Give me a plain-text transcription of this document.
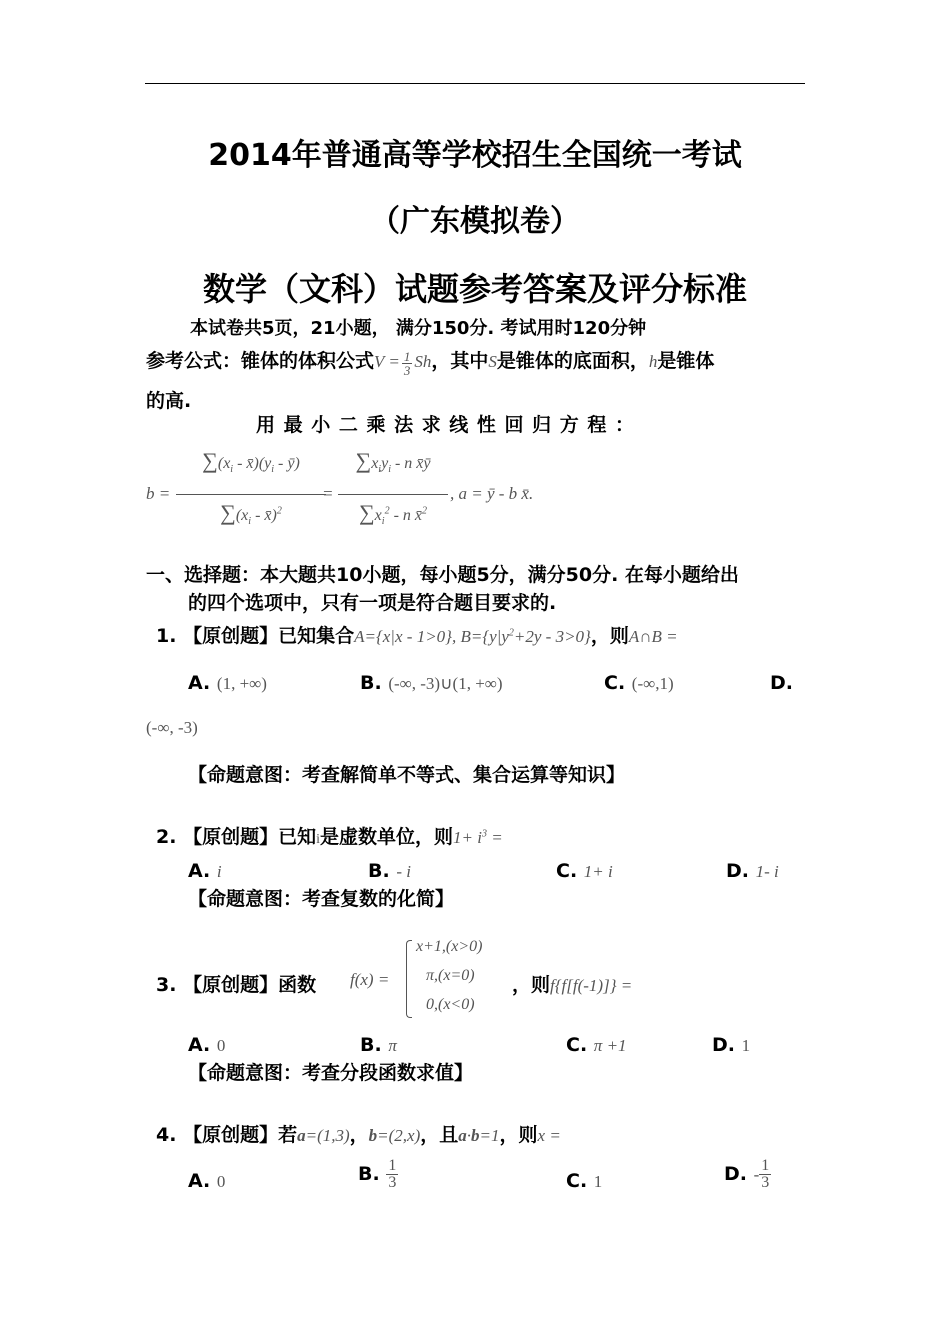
2014年普通高等学校招生全国统一考试
（广东模拟卷）
数学（文科）试题参考答案及评分标准
本试卷共5页，21小题， 满分150分. 考试用时120分钟
参考公式：锥体的体积公式$V = \frac{1}{3}$ Sh，其中S是锥体的底面积，h是锥体
的高.
用 最 小 二 乘 法 求 线 性 回 归 方 程 ：
b =
$\sum(x_i$ - $x̄)(y_i$ - ȳ)
$\sum(x_i$ - x̄)$^2$
=
$\sum x_iy_i$ - n x̄ȳ
$\sum x_i^2$ - n x̄$^2$
, a = ȳ - b x̄.
一、选择题：本大题共10小题，每小题5分，满分50分. 在每小题给出
的四个选项中，只有一项是符合题目要求的.
1. 【原创题】已知集合A={x|x - 1>0}, $B=\{y|y^2+2y - 3>0\}$，则A∩B =
A. (1, +∞)	B. (-∞, -3)∪(1, +∞)	C. (-∞,1)	D.
(-∞, -3)
【命题意图：考查解简单不等式、集合运算等知识】
2. 【原创题】已知i是虚数单位，则$1+ i^3$ =
A. i	B. - i	C. 1+ i	D. 1- i
【命题意图：考查复数的化简】
3. 【原创题】函数 f(x) =
x+1,(x>0)
π,(x=0)
0,(x<0)
，则f{f[f(-1)]} =
A. 0	B. π	C. π +1	D. 1
【命题意图：考查分段函数求值】
4. 【原创题】若a=(1,3)，b=(2,x)，且a·b=1，则x =
A. 0	B. $\frac{1}{3}$	C. 1	D. - $\frac{1}{3}$
